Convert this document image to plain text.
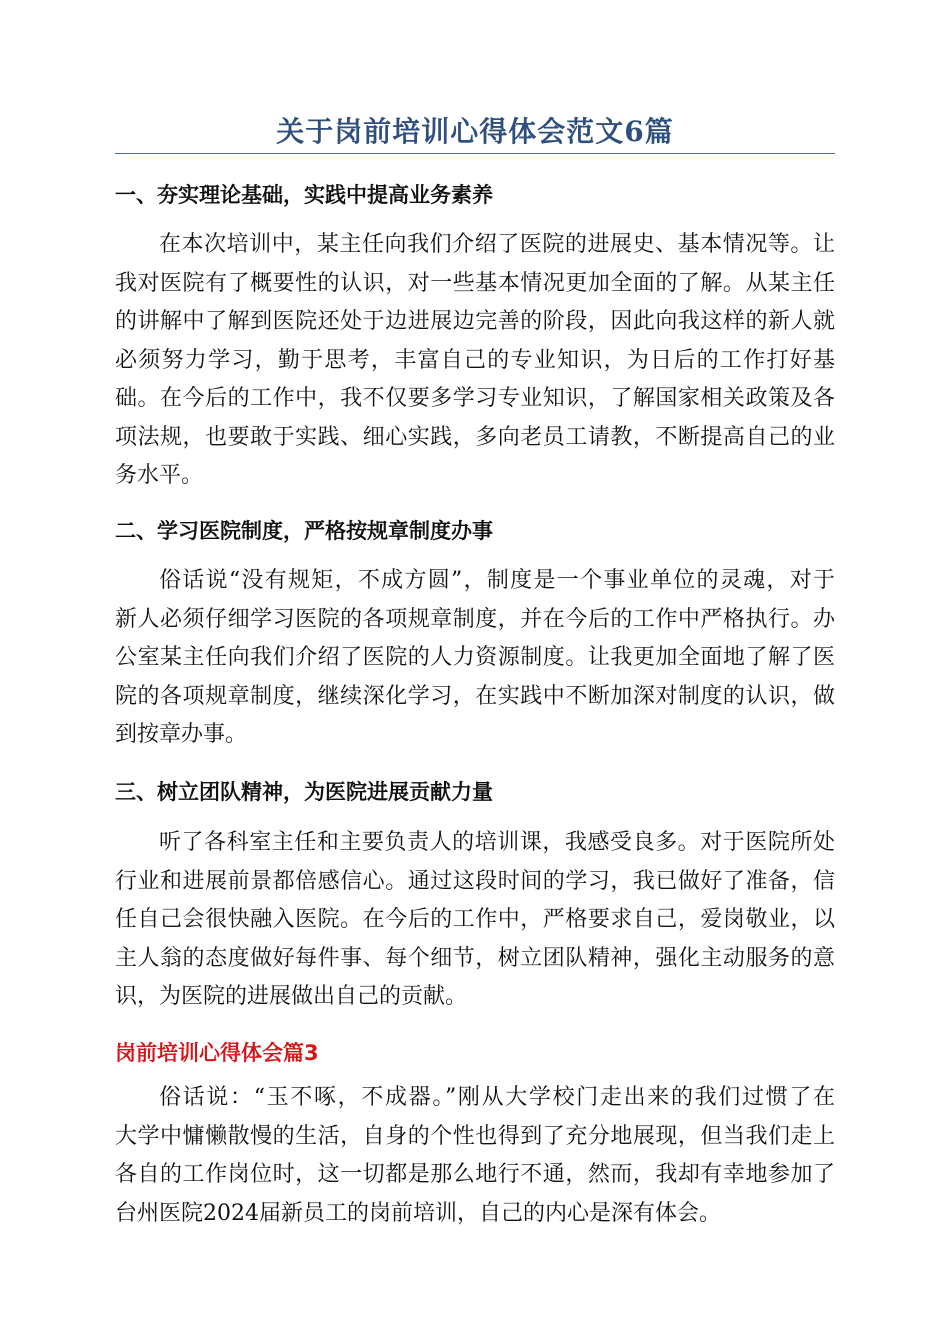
关于岗前培训心得体会范文6篇
一、夯实理论基础，实践中提高业务素养
在本次培训中，某主任向我们介绍了医院的进展史、基本情况等。让
我对医院有了概要性的认识，对一些基本情况更加全面的了解。从某主任
的讲解中了解到医院还处于边进展边完善的阶段，因此向我这样的新人就
必须努力学习，勤于思考，丰富自己的专业知识，为日后的工作打好基
础。在今后的工作中，我不仅要多学习专业知识，了解国家相关政策及各
项法规，也要敢于实践、细心实践，多向老员工请教，不断提高自己的业
务水平。
二、学习医院制度，严格按规章制度办事
俗话说“没有规矩，不成方圆”，制度是一个事业单位的灵魂，对于
新人必须仔细学习医院的各项规章制度，并在今后的工作中严格执行。办
公室某主任向我们介绍了医院的人力资源制度。让我更加全面地了解了医
院的各项规章制度，继续深化学习，在实践中不断加深对制度的认识，做
到按章办事。
三、树立团队精神，为医院进展贡献力量
听了各科室主任和主要负责人的培训课，我感受良多。对于医院所处
行业和进展前景都倍感信心。通过这段时间的学习，我已做好了准备，信
任自己会很快融入医院。在今后的工作中，严格要求自己，爱岗敬业，以
主人翁的态度做好每件事、每个细节，树立团队精神，强化主动服务的意
识，为医院的进展做出自己的贡献。
岗前培训心得体会篇3
俗话说：“玉不啄，不成器。”刚从大学校门走出来的我们过惯了在
大学中慵懒散慢的生活，自身的个性也得到了充分地展现，但当我们走上
各自的工作岗位时，这一切都是那么地行不通，然而，我却有幸地参加了
台州医院2024届新员工的岗前培训，自己的内心是深有体会。
